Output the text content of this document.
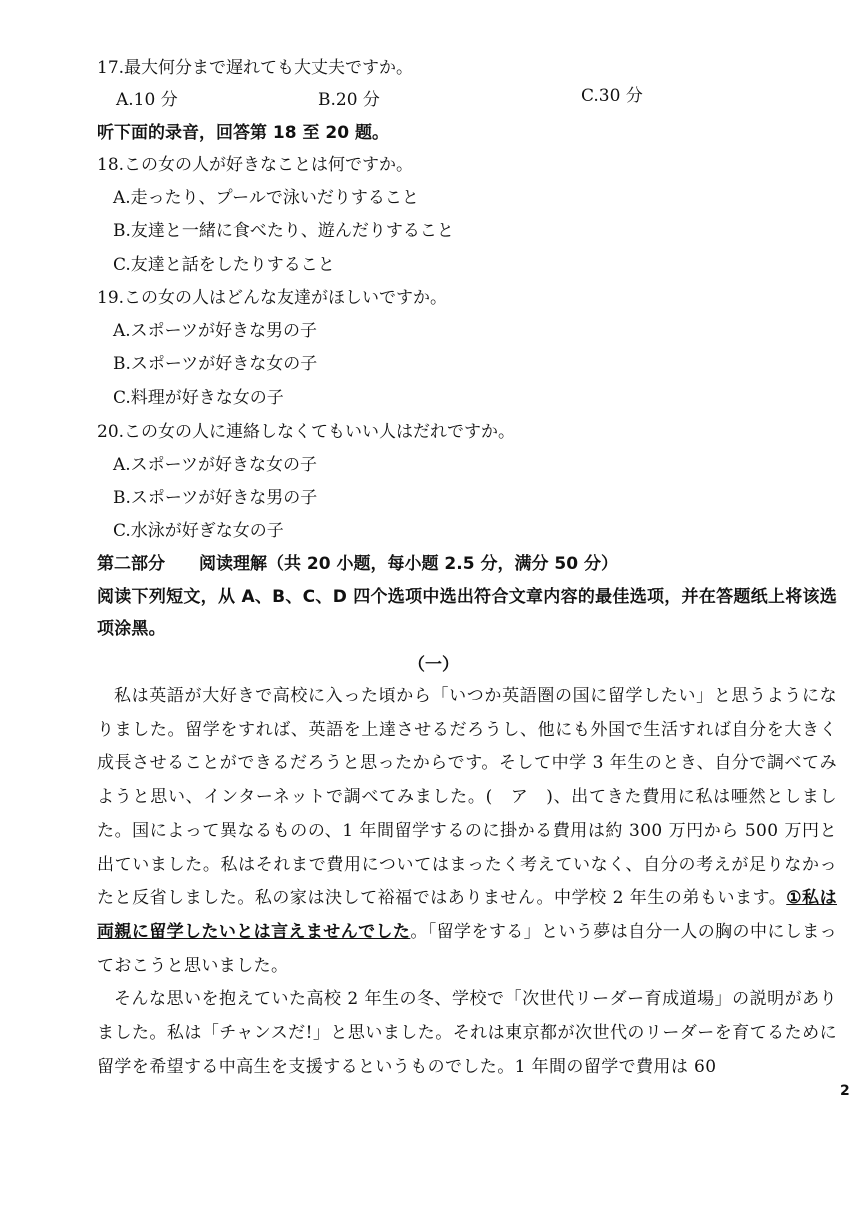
17.最大何分まで遅れても大丈夫ですか。
A.10 分	B.20 分	C.30 分
听下面的录音，回答第 18 至 20 题。
18.この女の人が好きなことは何ですか。
A.走ったり、プールで泳いだりすること
B.友達と一緒に食べたり、遊んだりすること
C.友達と話をしたりすること
19.この女の人はどんな友達がほしいですか。
A.スポーツが好きな男の子
B.スポーツが好きな女の子
C.料理が好きな女の子
20.この女の人に連絡しなくてもいい人はだれですか。
A.スポーツが好きな女の子
B.スポーツが好きな男の子
C.水泳が好ぎな女の子
第二部分　　阅读理解（共 20 小题，每小题 2.5 分，满分 50 分）
阅读下列短文，从 A、B、C、D 四个选项中选出符合文章内容的最佳选项，并在答题纸上将该选项涂黑。
（一）

私は英語が大好きで高校に入った頃から「いつか英語圏の国に留学したい」と思うようになりました。留学をすれば、英語を上達させるだろうし、他にも外国で生活すれば自分を大きく成長させることができるだろうと思ったからです。そして中学 3 年生のとき、自分で調べてみようと思い、インターネットで調べてみました。(　ア　)、出てきた費用に私は唖然としました。国によって異なるものの、1 年間留学するのに掛かる費用は約 300 万円から 500 万円と出ていました。私はそれまで費用についてはまったく考えていなく、自分の考えが足りなかったと反省しました。私の家は決して裕福ではありません。中学校 2 年生の弟もいます。①私は両親に留学したいとは言えませんでした。「留学をする」という夢は自分一人の胸の中にしまっておこうと思いました。

そんな思いを抱えていた高校 2 年生の冬、学校で「次世代リーダー育成道場」の説明がありました。私は「チャンスだ!」と思いました。それは東京都が次世代のリーダーを育てるために留学を希望する中高生を支援するというものでした。1 年間の留学で費用は 60

2
